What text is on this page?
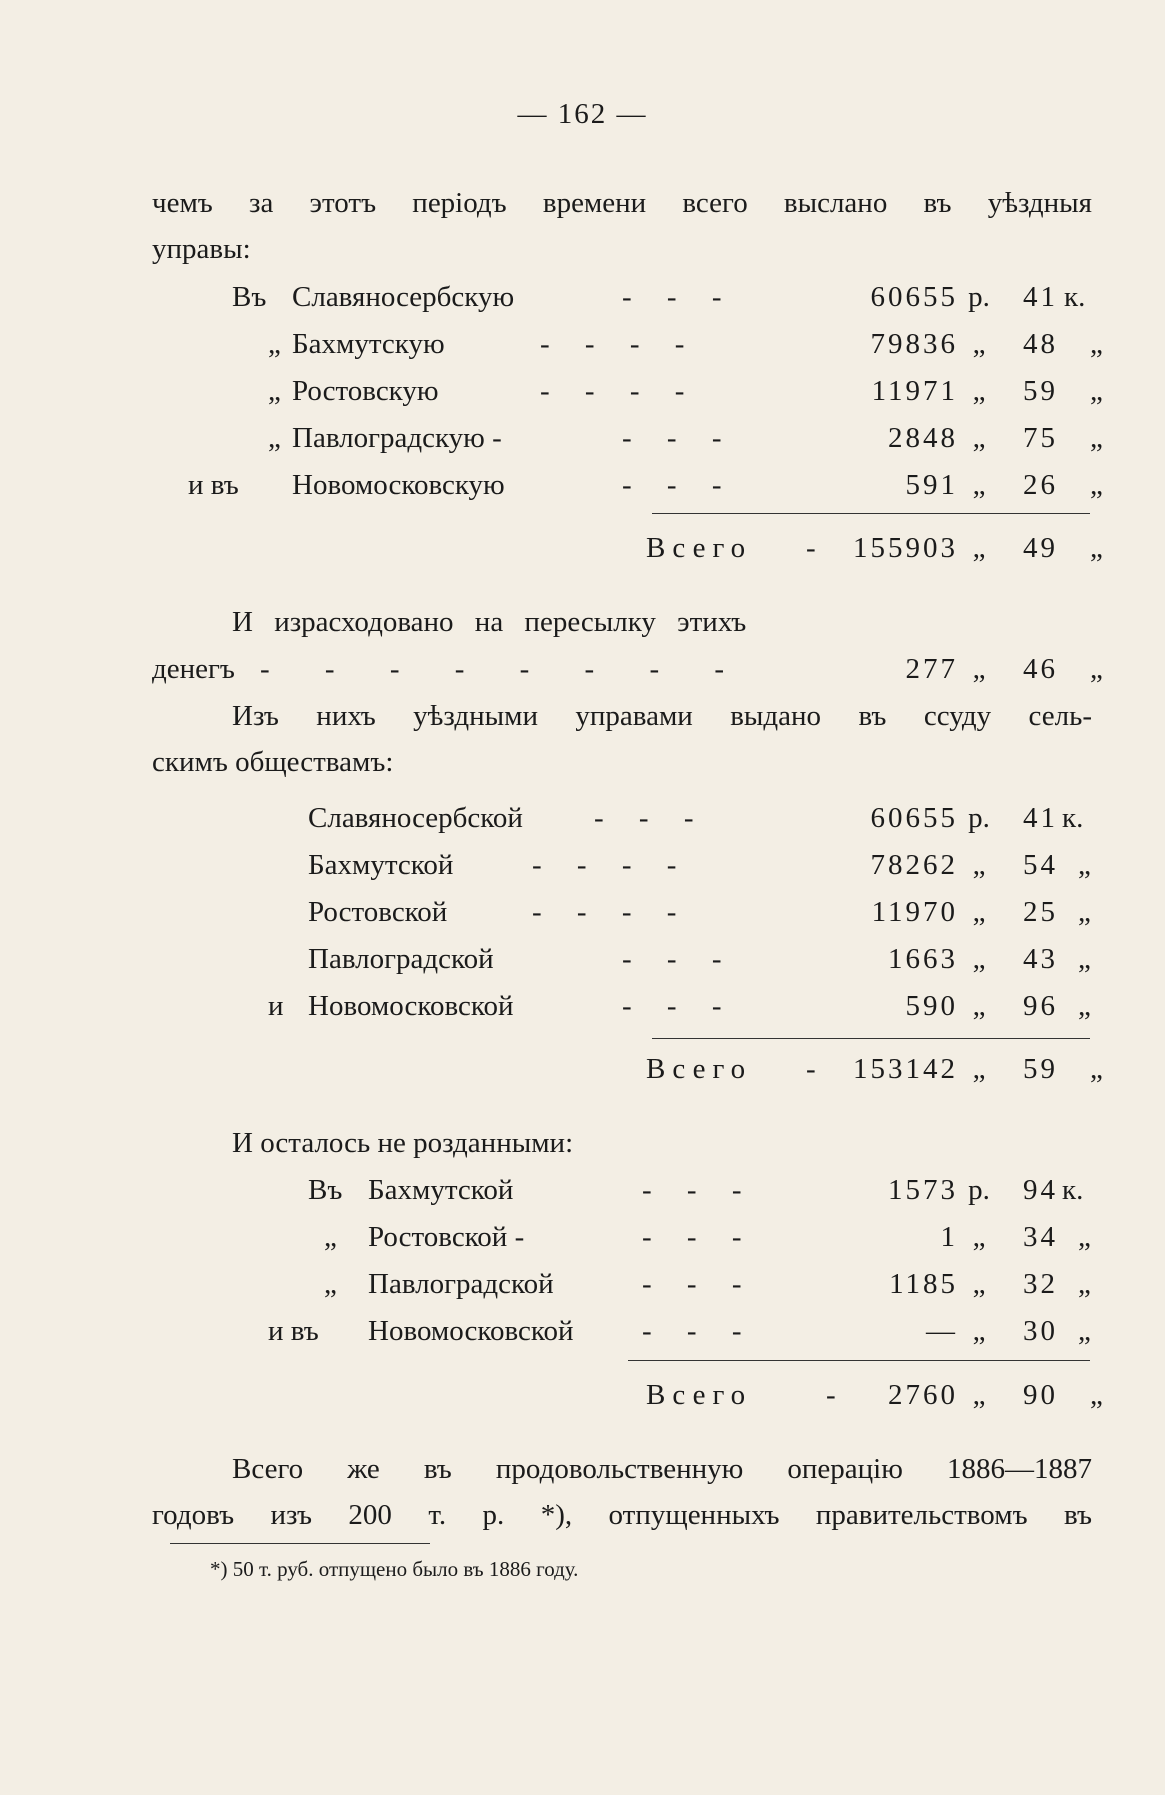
— 162 —
чемъ за этотъ періодъ времени всего выслано въ уѣздныя
управы:
Въ Славяносербскую	- - -	60655 р.	41 к.
„ Бахмутскую	- - - -	79836 „	48 „
„ Ростовскую	- - - -	11971 „	59 „
„ Павлоградскую -	- - -	2848 „	75 „
и въ Новомосковскую	- - -	591 „	26 „
Всего -	155903 „	49 „
И израсходовано на пересылку этихъ
денегъ - - - - - - - -	277 „	46 „
Изъ нихъ уѣздными управами выдано въ ссуду сель-
скимъ обществамъ:
Славяносербской - - -	60655 р.	41 к.
Бахмутской	- - - -	78262 „	54 „
Ростовской	- - - -	11970 „	25 „
Павлоградской	- - -	1663 „	43 „
и Новомосковской	- - -	590 „	96 „
Всего -	153142 „	59 „
И осталось не розданными:
Въ Бахмутской	- - -	1573 р.	94 к.
„ Ростовской -	- - -	1 „	34 „
„ Павлоградской	- - -	1185 „	32 „
и въ Новомосковской - - -	— „	30 „
Всего	-	2760 „	90 „
Всего же въ продовольственную операцію 1886—1887
годовъ изъ 200 т. р. *), отпущенныхъ правительствомъ въ
*) 50 т. руб. отпущено было въ 1886 году.
